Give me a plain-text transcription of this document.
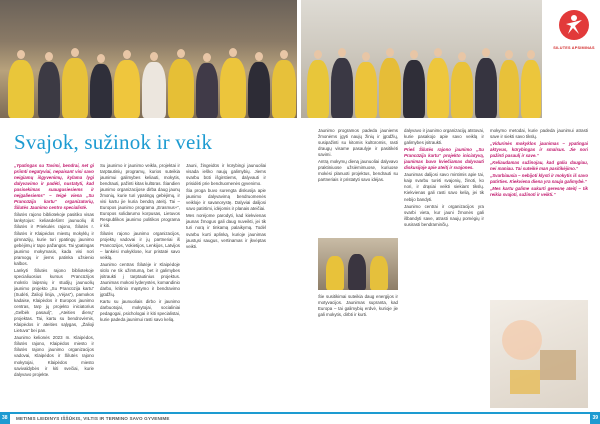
SILUTES APSIMINAS
Svajok, sužinok ir veik

„Ypatingas su Tavimi, bendrai, net gi priimti negatyviai, nepaisant visi savo neigiamų išgyvenimų, kylama lygi dalyvavimo ir padėti, nustatyti, kad pasisekimas suaugusiesiems ir neįgaliesiems“ – teigė viena „Su Prancūzija kartu“ organizatorių, Šilutės Jaunimo centro specialistė.

Šilutės rajono bibliotekoje pasitiko visas lankytojus: keliasdešimt jaunuolių iš Šilutės ir Priekulės rajono, Šilutės r. Šilutės ir Klaipėdos miestų mokyklų ir gimnazijų, kurie turi ypatingų jaunimo gebėjimų ir tapo pažangūs. Tai ypatingas jaunimo mokymasis, kada visi nori pramogų ir jiems patinka užsienio kalbos.

Lankyti Šilutės rajono bibliotekoje specialiuosius kursus Prancūzijos mokslo laipsnių ir studijų jaunuolių jaunimo projekto „Su Prancūzija kartu“ (Sudėti, Žalioji linija, „Vėjas“), pamokos kadaise, Klaipėdos ir Europos jaunimo centras, tarp jų projekto iniciatorius „Gelbėk pasaulį“, „Ateities dienų“ projektas. Tai, kartu su bendrovėmis, Klaipėdos ir ateities sąlygas, „Žalioji Lietuva“ bei pan.

Jaunimo kelionės 2023 m. Klaipėdos, Šilutės rajono, Klaipėdos miesto ir Šilutės rajono jaunimo organizacijos vadovai, Klaipėdos ir Šilutės rajono mokytojai, Klaipėdos miesto savivaldybės ir kiti svečiai, kurie dalyvavo projekte.

Su jaunimo ir jaunimo veikla, projektai ir tarptautinių programų, kurios suteikia jaunimui galimybes keliauti, mokytis, bendrauti, pažinti kitas kultūras. Šiandien jaunimo organizacijose dirba daug jaunų žmonių, kurie turi ypatingų gebėjimų, ir visi kartu jie kuria bendrą ateitį. Tai – Europos jaunimo programa „Erasmus+“, Europos solidarumo korpusas, Lietuvos Respublikos jaunimo politikos programa ir kiti.

Šilutės rajono jaunimo organizacijos, projektų vadovai ir jų partneriai iš Prancūzijos, Vokietijos, Lenkijos, Latvijos – lankėsi mokyklose, kur pristatė savo veiklą.

Jaunimo centras Šilutėje ir Klaipėdoje siūlo ne tik užimtumą, bet ir galimybes įsitraukti į tarptautinius projektus. Jaunimas mokosi lyderystės, komandinio darbo, kritinio mąstymo ir bendravimo įgūdžių.

Kartu su jaunuoliais dirbo ir jaunimo darbuotojai, mokytojai, socialiniai pedagogai, psichologai ir kiti specialistai, kurie padeda jaunimui rasti savo kelią.

Jauni, žingeidūs ir kūrybingi jaunuoliai visada ieško naujų galimybių. Jiems svarbu būti išgirstiems, dalyvauti ir prisidėti prie bendruomenės gyvenimo.

Šia proga buvo surengta diskusija apie jaunimo dalyvavimą bendruomenės veikloje ir savanorystę. Dalyviai dalijosi savo patirtimi, idėjomis ir planais ateičiai.

Mes norėjome parodyti, kad kiekvienas jaunas žmogus gali daug nuveikti, jei tik turi norą ir tinkamą palaikymą. Todėl svarbu kurti aplinką, kurioje jaunimas jaustųsi saugus, vertinamas ir įkvėptas veikti.

Jaunimo programos padeda jauniems žmonėms įgyti naujų žinių ir įgūdžių, susipažinti su kitomis kultūromis, rasti draugų visame pasaulyje ir pasitikėti savimi.

Antrą mokymų dieną jaunuoliai dalyvavo praktiniuose užsiėmimuose, kuriuose mokėsi planuoti projektus, bendrauti su partneriais ir pristatyti savo idėjas.

Šie susitikimai suteikia daug energijos ir motyvacijos. Jaunimas supranta, kad Europa – tai galimybių erdvė, kurioje jie gali mokytis, dirbti ir kurti.

dalyvavo ir jaunimo organizacijų atstovai, kurie pasakojo apie savo veiklą ir galimybes įsitraukti.

Prieš Šilutės rajono jaunimo „Su Prancūzija kartu“ projekto iniciatyvą, jaunimas buvo kviečiamas dalyvauti diskusijoje apie ateitį ir svajones.

Jaunimas dalijosi savo mintimis apie tai, kaip svarbu turėti svajonių, žinoti, ko nori, ir drąsiai veikti siekiant tikslų. Kiekvienas gali rasti savo kelią, jei tik nebijo bandyti.

Jaunimo centrai ir organizacijos yra svarbi vieta, kur jauni žmonės gali išbandyti save, atrasti naujų pomėgių ir susirasti bendraminčių.

mokymo metodai, kurie padeda jaunimui atrasti save ir siekti savo tikslų.

„Vidurinės mokyklos jaunimas – ypatingai aktyvus, kūrybingas ir smalsus. Jie nori pažinti pasaulį ir save.“

„Keliaudamas sužinojau, kad galiu daugiau, nei maniau. Tai suteikė man pasitikėjimo.“

„Svarbiausia – nebijoti klysti ir mokytis iš savo patirties. Kiekviena diena yra nauja galimybė.“

„Mes kartu galime sukurti geresnę ateitį – tik reikia svajoti, sužinoti ir veikti.“

38 METINIS LEIDINYS IŠŠŪKIS, VILTIS IR TERMINO SAVO GYVENIME	39
